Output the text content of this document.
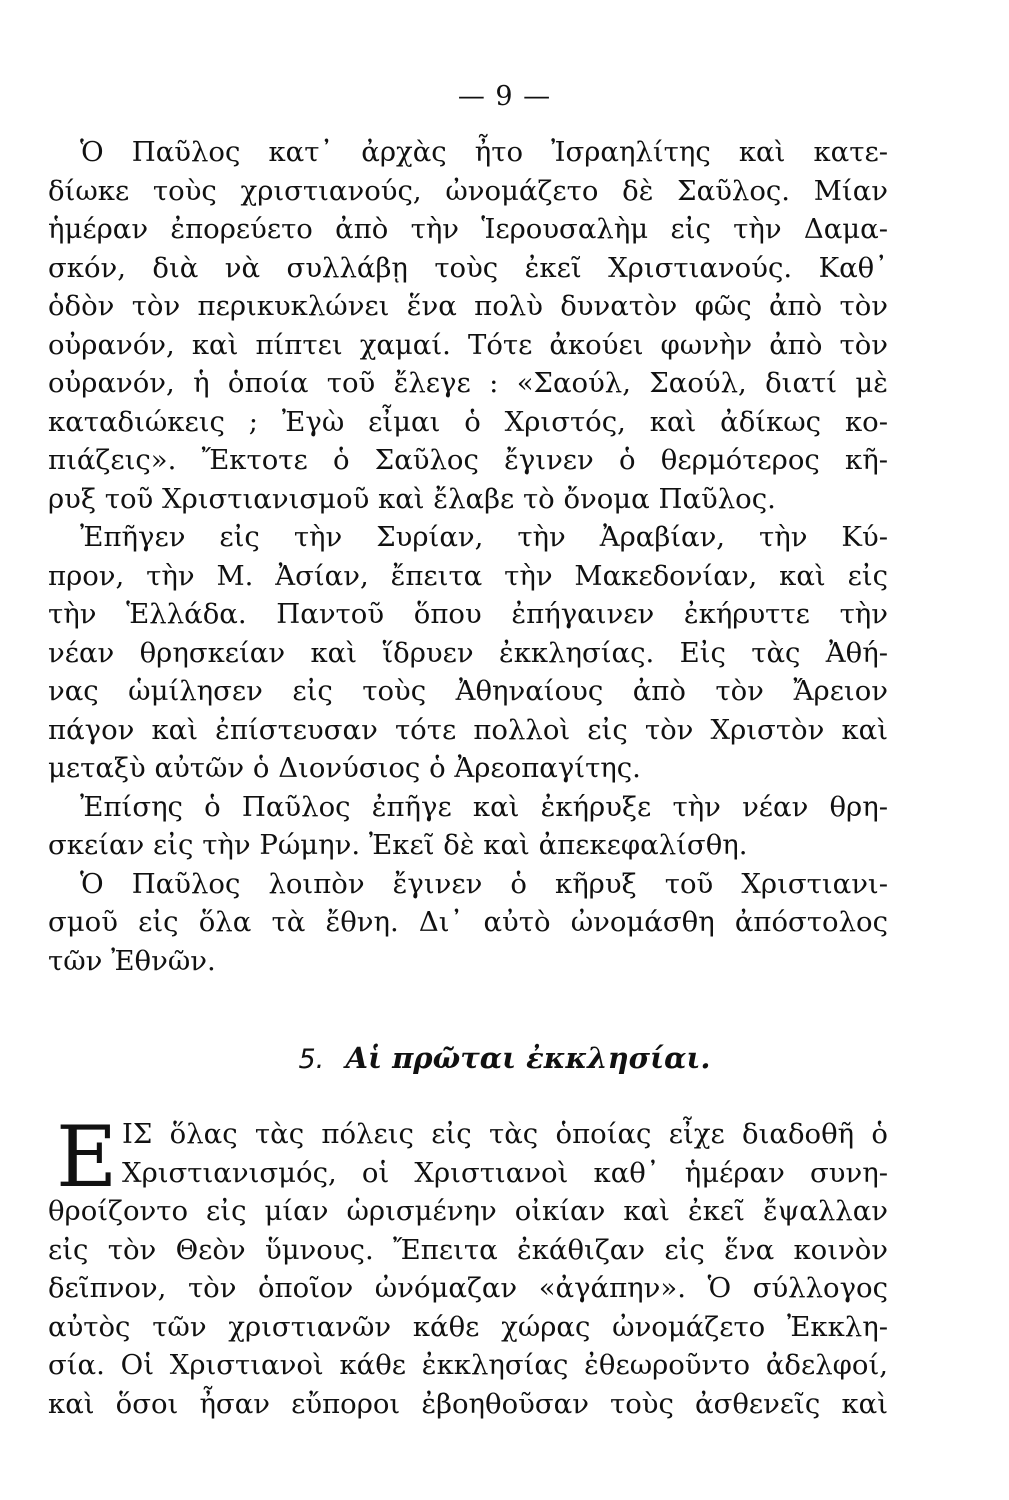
— 9 —
Ὁ Παῦλος κατ᾽ ἀρχὰς ἦτο Ἰσραηλίτης καὶ κατε-
δίωκε τοὺς χριστιανούς, ὠνομάζετο δὲ Σαῦλος. Μίαν
ἡμέραν ἐπορεύετο ἀπὸ τὴν Ἱερουσαλὴμ εἰς τὴν Δαμα-
σκόν, διὰ νὰ συλλάβῃ τοὺς ἐκεῖ Χριστιανούς. Καθ᾽
ὁδὸν τὸν περικυκλώνει ἕνα πολὺ δυνατὸν φῶς ἀπὸ τὸν
οὐρανόν, καὶ πίπτει χαμαί. Τότε ἀκούει φωνὴν ἀπὸ τὸν
οὐρανόν, ἡ ὁποία τοῦ ἔλεγε : «Σαούλ, Σαούλ, διατί μὲ
καταδιώκεις ; Ἐγὼ εἶμαι ὁ Χριστός, καὶ ἀδίκως κο-
πιάζεις». Ἔκτοτε ὁ Σαῦλος ἔγινεν ὁ θερμότερος κῆ-
ρυξ τοῦ Χριστιανισμοῦ καὶ ἔλαβε τὸ ὄνομα Παῦλος.
Ἐπῆγεν εἰς τὴν Συρίαν, τὴν Ἀραβίαν, τὴν Κύ-
προν, τὴν Μ. Ἀσίαν, ἔπειτα τὴν Μακεδονίαν, καὶ εἰς
τὴν Ἑλλάδα. Παντοῦ ὅπου ἐπήγαινεν ἐκήρυττε τὴν
νέαν θρησκείαν καὶ ἵδρυεν ἐκκλησίας. Εἰς τὰς Ἀθή-
νας ὡμίλησεν εἰς τοὺς Ἀθηναίους ἀπὸ τὸν Ἄρειον
πάγον καὶ ἐπίστευσαν τότε πολλοὶ εἰς τὸν Χριστὸν καὶ
μεταξὺ αὐτῶν ὁ Διονύσιος ὁ Ἀρεοπαγίτης.
Ἐπίσης ὁ Παῦλος ἐπῆγε καὶ ἐκήρυξε τὴν νέαν θρη-
σκείαν εἰς τὴν Ρώμην. Ἐκεῖ δὲ καὶ ἀπεκεφαλίσθη.
Ὁ Παῦλος λοιπὸν ἔγινεν ὁ κῆρυξ τοῦ Χριστιανι-
σμοῦ εἰς ὅλα τὰ ἔθνη. Δι᾽ αὐτὸ ὠνομάσθη ἀπόστολος
τῶν Ἐθνῶν.
5. Αἱ πρῶται ἐκκλησίαι.
Ε ΙΣ ὅλας τὰς πόλεις εἰς τὰς ὁποίας εἶχε διαδοθῆ ὁ
Χριστιανισμός, οἱ Χριστιανοὶ καθ᾽ ἡμέραν συνη-
θροίζοντο εἰς μίαν ὡρισμένην οἰκίαν καὶ ἐκεῖ ἔψαλλαν
εἰς τὸν Θεὸν ὕμνους. Ἔπειτα ἐκάθιζαν εἰς ἕνα κοινὸν
δεῖπνον, τὸν ὁποῖον ὠνόμαζαν «ἀγάπην». Ὁ σύλλογος
αὐτὸς τῶν χριστιανῶν κάθε χώρας ὠνομάζετο Ἐκκλη-
σία. Οἱ Χριστιανοὶ κάθε ἐκκλησίας ἐθεωροῦντο ἀδελφοί,
καὶ ὅσοι ἦσαν εὔποροι ἐβοηθοῦσαν τοὺς ἀσθενεῖς καὶ
